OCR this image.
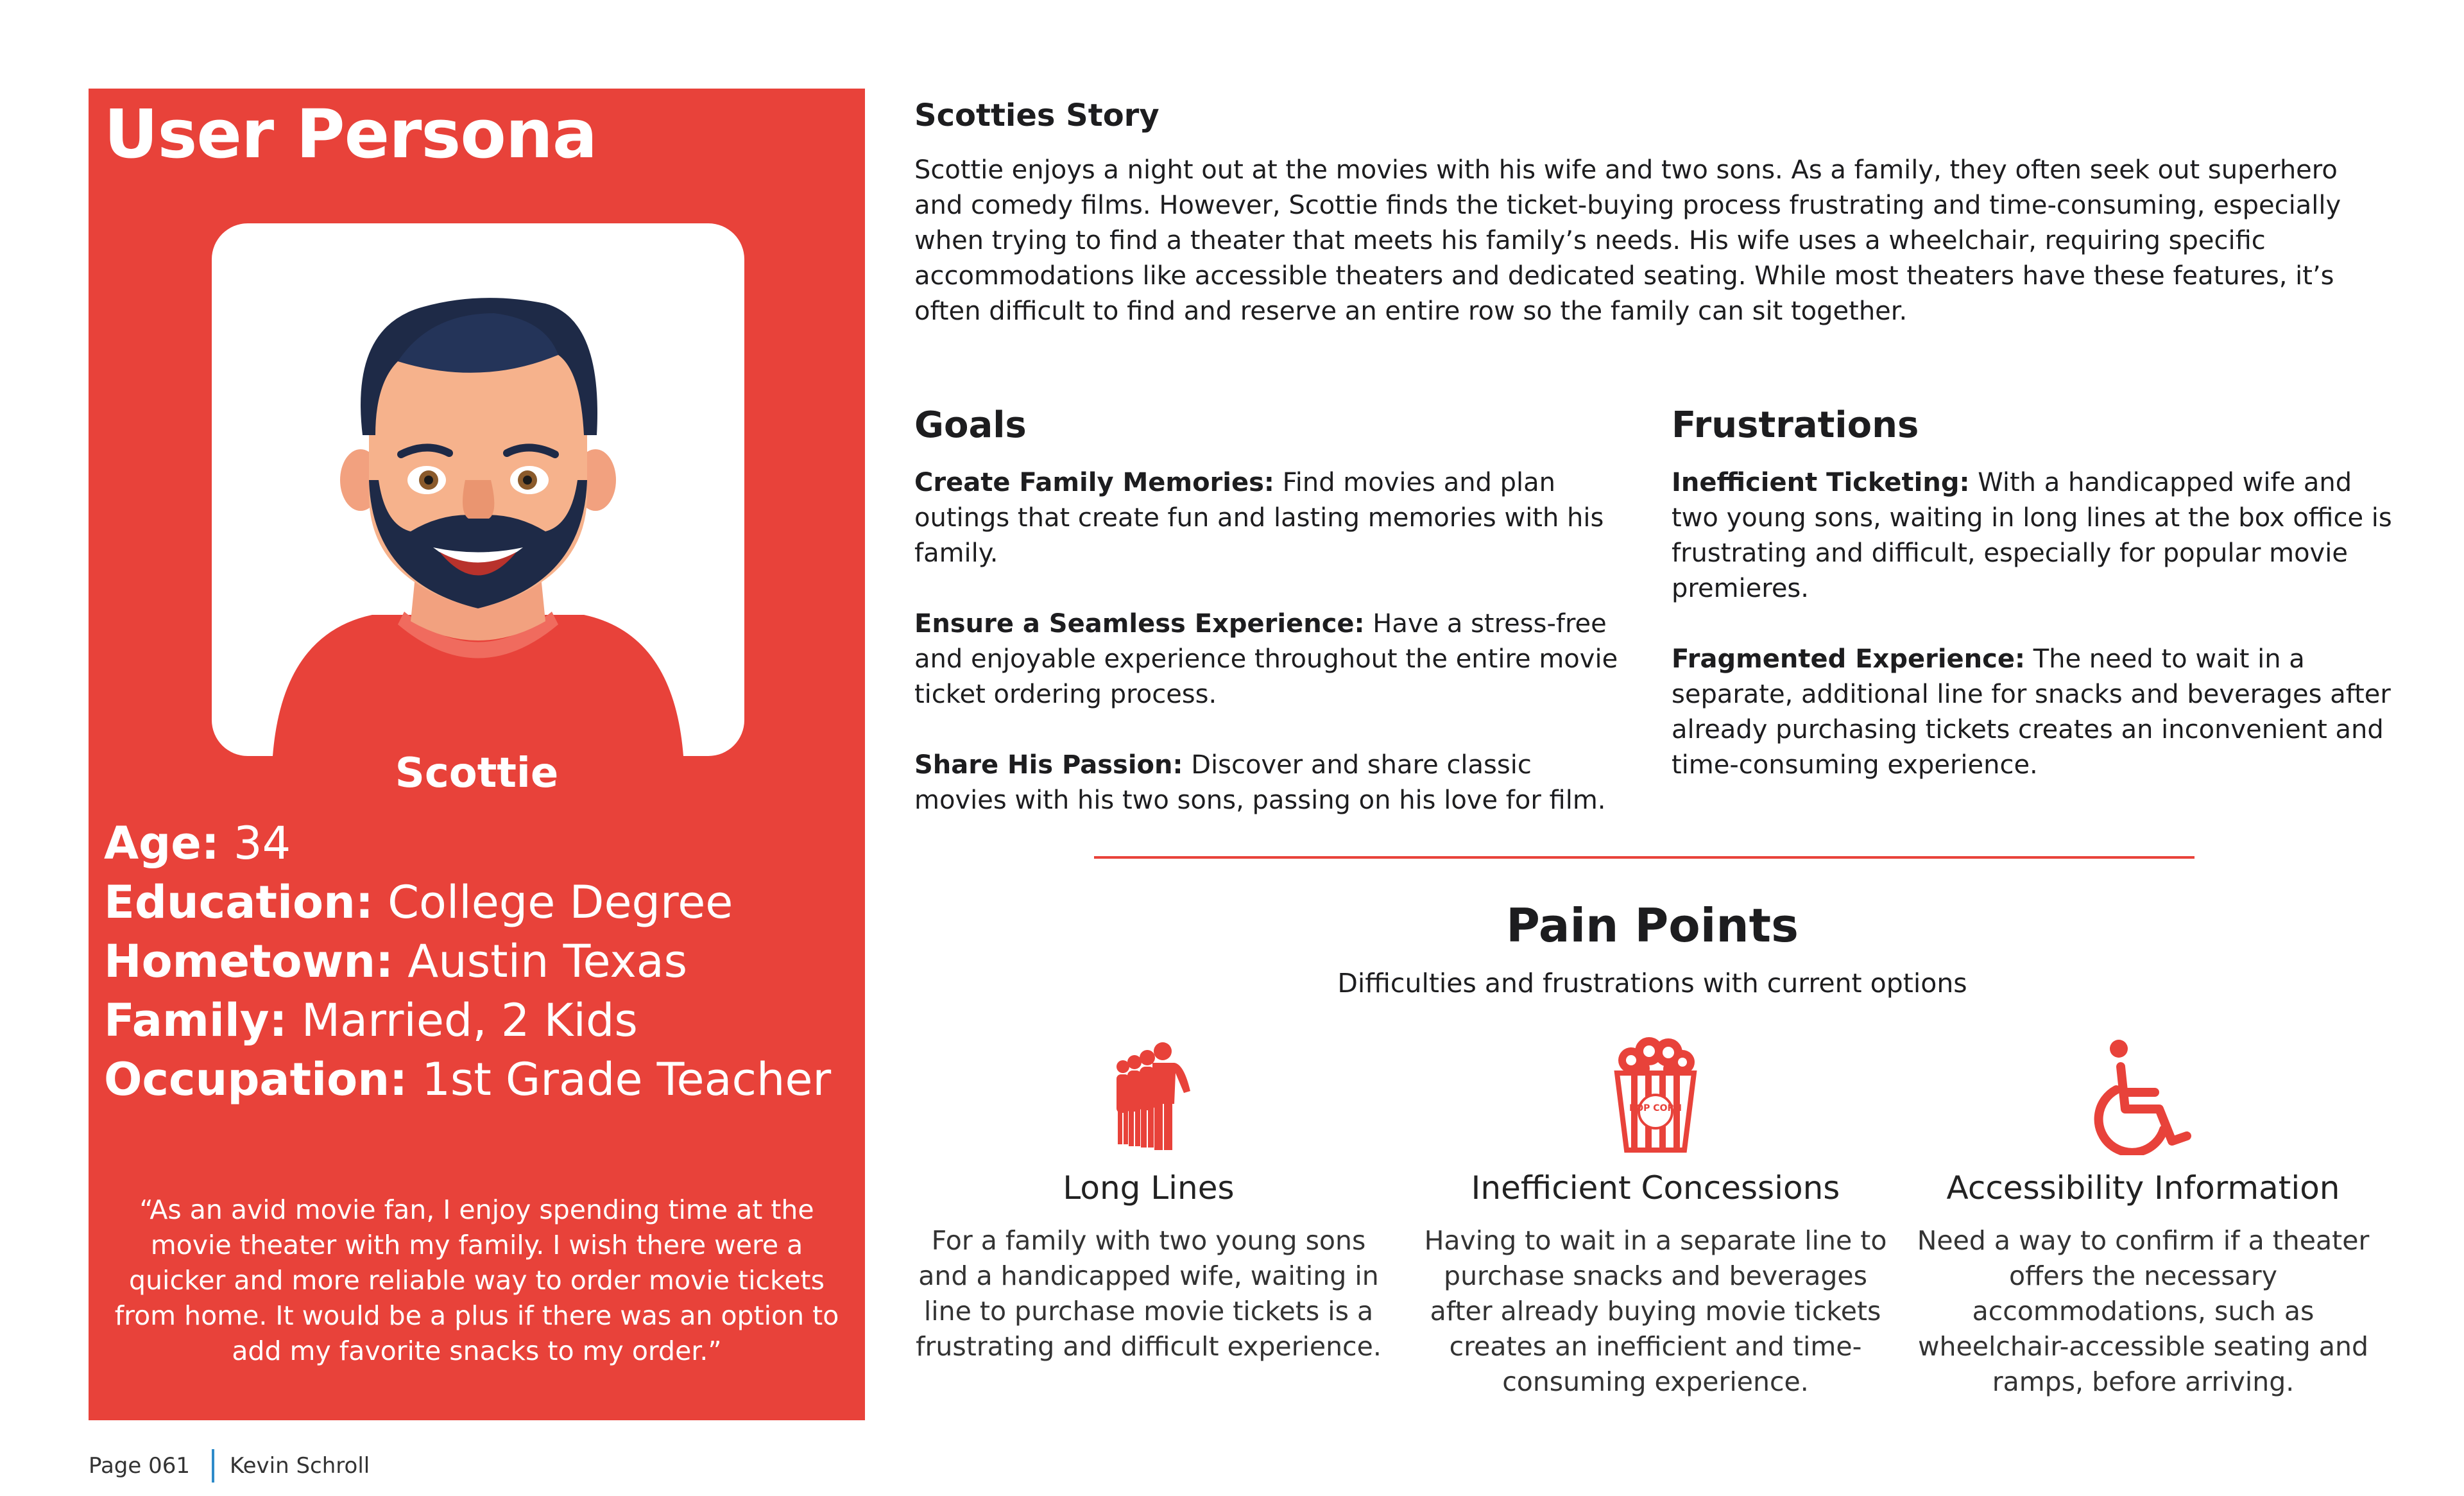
User Persona
Scottie
Age: 34
Education: College Degree
Hometown: Austin Texas
Family: Married, 2 Kids
Occupation: 1st Grade Teacher
“As an avid movie fan, I enjoy spending time at the movie theater with my family. I wish there were a quicker and more reliable way to order movie tickets from home. It would be a plus if there was an option to add my favorite snacks to my order.”
Scotties Story

Scottie enjoys a night out at the movies with his wife and two sons. As a family, they often seek out superhero and comedy films. However, Scottie finds the ticket-buying process frustrating and time-consuming, especially when trying to find a theater that meets his family’s needs. His wife uses a wheelchair, requiring specific accommodations like accessible theaters and dedicated seating. While most theaters have these features, it’s often difficult to find and reserve an entire row so the family can sit together.

Goals
Create Family Memories: Find movies and plan outings that create fun and lasting memories with his family.
Ensure a Seamless Experience: Have a stress-free and enjoyable experience throughout the entire movie ticket ordering process.
Share His Passion: Discover and share classic movies with his two sons, passing on his love for film.
Frustrations
Inefficient Ticketing: With a handicapped wife and two young sons, waiting in long lines at the box office is frustrating and difficult, especially for popular movie premieres.
Fragmented Experience: The need to wait in a separate, additional line for snacks and beverages after already purchasing tickets creates an inconvenient and time-consuming experience.
Pain Points
Difficulties and frustrations with current options
Long Lines

For a family with two young sons and a handicapped wife, waiting in line to purchase movie tickets is a frustrating and difficult experience.

POP CORN
Inefficient Concessions

Having to wait in a separate line to purchase snacks and beverages after already buying movie tickets creates an inefficient and time-consuming experience.

Accessibility Information

Need a way to confirm if a theater offers the necessary accommodations, such as wheelchair-accessible seating and ramps, before arriving.

Page 061 Kevin Schroll
